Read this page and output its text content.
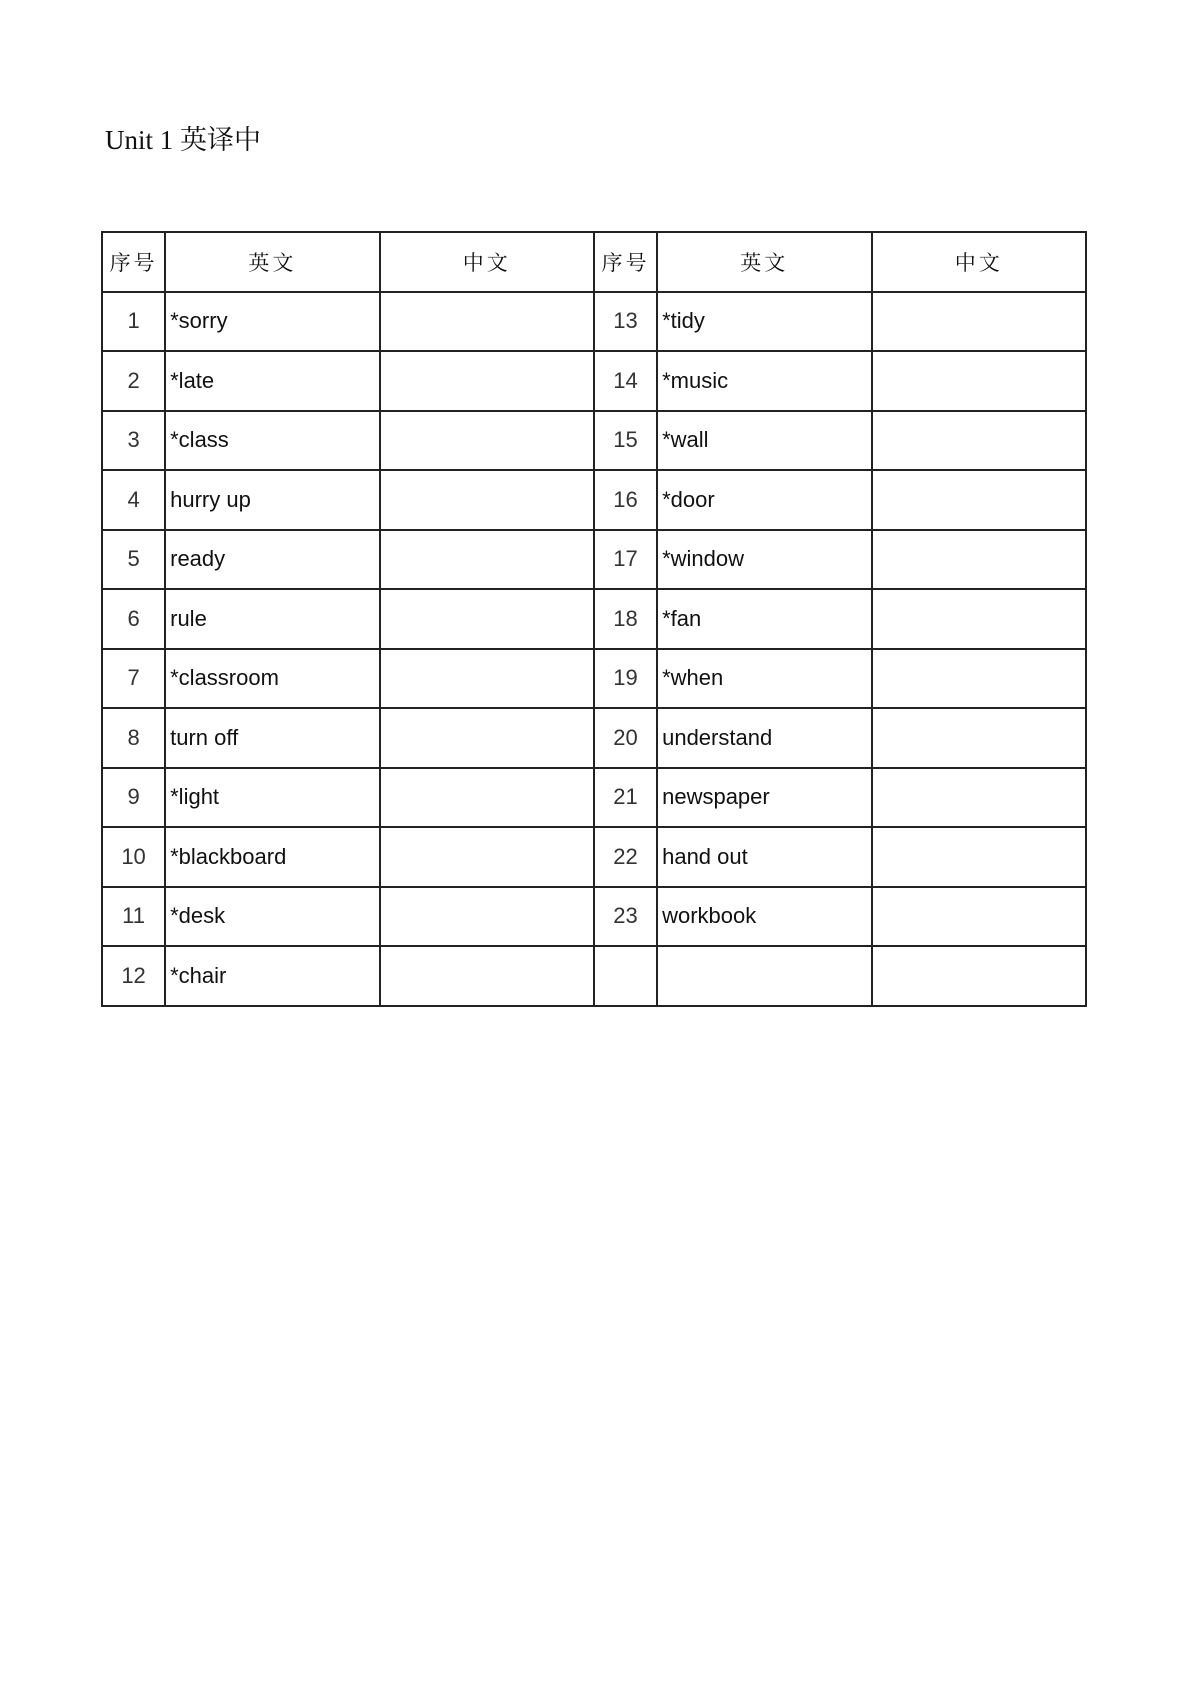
Unit 1 英译中
序号	英文	中文	序号	英文	中文
1	*sorry		13	*tidy	
2	*late		14	*music	
3	*class		15	*wall	
4	hurry up		16	*door	
5	ready		17	*window	
6	rule		18	*fan	
7	*classroom		19	*when	
8	turn off		20	understand	
9	*light		21	newspaper	
10	*blackboard		22	hand out	
11	*desk		23	workbook	
12	*chair				
